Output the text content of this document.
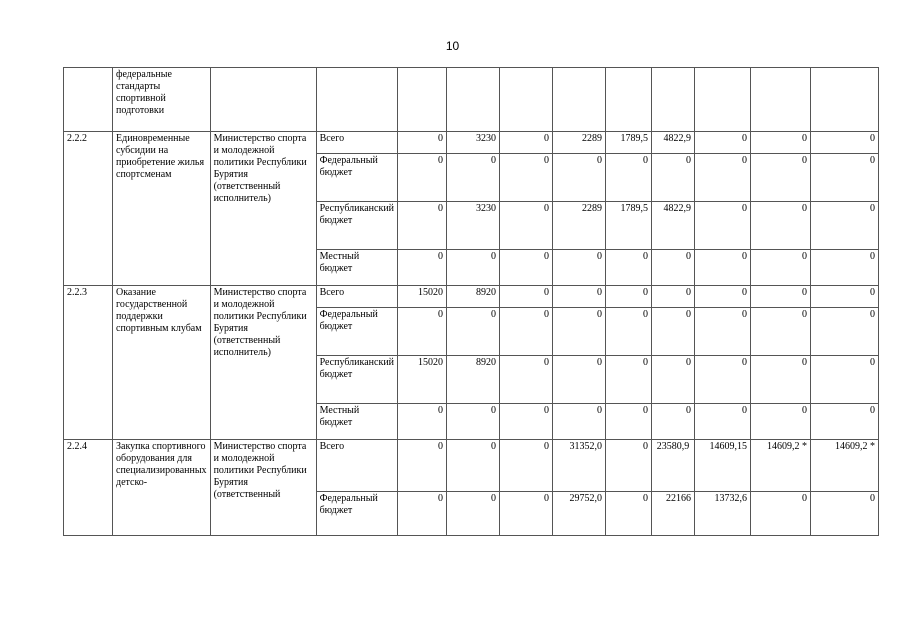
10
	федеральные стандарты спортивной подготовки											
2.2.2	Единовременные субсидии на приобретение жилья спортсменам	Министерство спорта и молодежной политики Республики Бурятия (ответственный исполнитель)	Всего	0	3230	0	2289	1789,5	4822,9	0	0	0
			Федеральный бюджет	0	0	0	0	0	0	0	0	0
			Республиканский бюджет	0	3230	0	2289	1789,5	4822,9	0	0	0
			Местный бюджет	0	0	0	0	0	0	0	0	0
2.2.3	Оказание государственной поддержки спортивным клубам	Министерство спорта и молодежной политики Республики Бурятия (ответственный исполнитель)	Всего	15020	8920	0	0	0	0	0	0	0
			Федеральный бюджет	0	0	0	0	0	0	0	0	0
			Республиканский бюджет	15020	8920	0	0	0	0	0	0	0
			Местный бюджет	0	0	0	0	0	0	0	0	0
2.2.4	Закупка спортивного оборудования для специализированных детско-	Министерство спорта и молодежной политики Республики Бурятия (ответственный	Всего	0	0	0	31352,0	0	23580,9	14609,15	14609,2 *	14609,2 *
			Федеральный бюджет	0	0	0	29752,0	0	22166	13732,6	0	0
